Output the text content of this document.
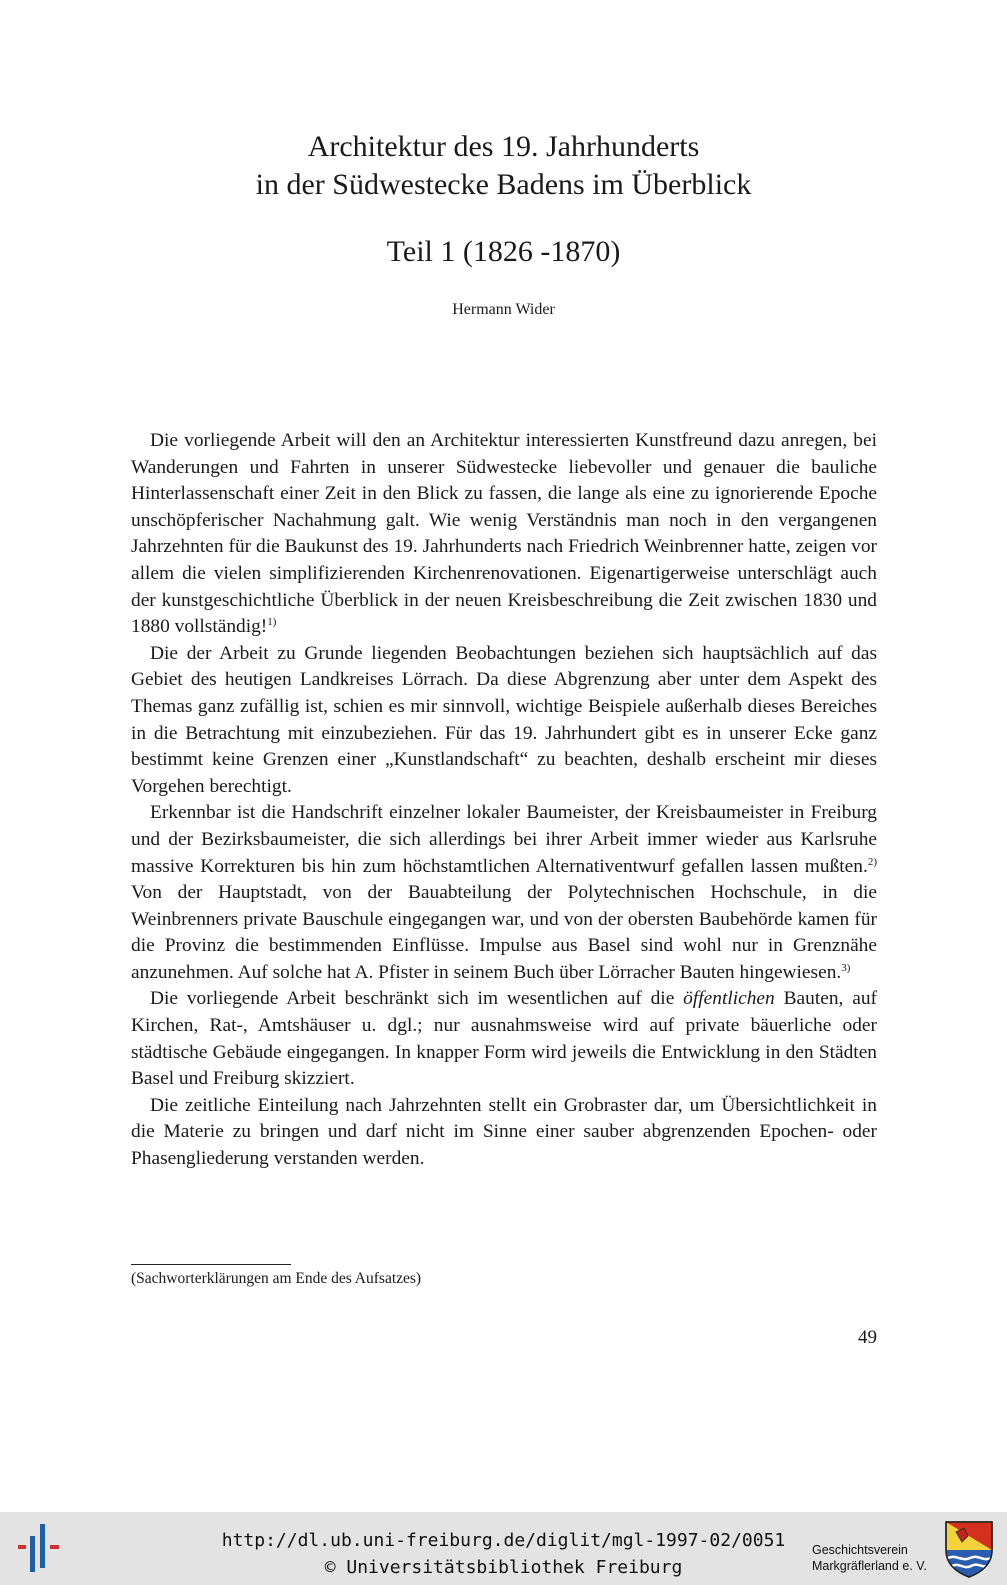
Architektur des 19. Jahrhunderts
in der Südwestecke Badens im Überblick
Teil 1 (1826 -1870)
Hermann Wider

Die vorliegende Arbeit will den an Architektur interessierten Kunstfreund dazu anregen, bei Wanderungen und Fahrten in unserer Südwestecke liebevoller und genauer die bauliche Hinterlassenschaft einer Zeit in den Blick zu fassen, die lange als eine zu ignorierende Epoche unschöpferischer Nachahmung galt. Wie wenig Verständnis man noch in den vergangenen Jahrzehnten für die Baukunst des 19. Jahrhunderts nach Friedrich Weinbrenner hatte, zeigen vor allem die vielen simplifizierenden Kirchenrenovationen. Eigenartigerweise unterschlägt auch der kunstgeschichtliche Überblick in der neuen Kreisbeschreibung die Zeit zwischen 1830 und 1880 vollständig!$^{1)}$

Die der Arbeit zu Grunde liegenden Beobachtungen beziehen sich hauptsächlich auf das Gebiet des heutigen Landkreises Lörrach. Da diese Abgrenzung aber unter dem Aspekt des Themas ganz zufällig ist, schien es mir sinnvoll, wichtige Beispiele außerhalb dieses Bereiches in die Betrachtung mit einzubeziehen. Für das 19. Jahrhundert gibt es in unserer Ecke ganz bestimmt keine Grenzen einer „Kunstlandschaft“ zu beachten, deshalb erscheint mir dieses Vorgehen berechtigt.

Erkennbar ist die Handschrift einzelner lokaler Baumeister, der Kreisbaumeister in Freiburg und der Bezirksbaumeister, die sich allerdings bei ihrer Arbeit immer wieder aus Karlsruhe massive Korrekturen bis hin zum höchstamtlichen Alternativentwurf gefallen lassen mußten.$^{2)}$ Von der Hauptstadt, von der Bauabteilung der Polytechnischen Hochschule, in die Weinbrenners private Bauschule eingegangen war, und von der obersten Baubehörde kamen für die Provinz die bestimmenden Einflüsse. Impulse aus Basel sind wohl nur in Grenznähe anzunehmen. Auf solche hat A. Pfister in seinem Buch über Lörracher Bauten hingewiesen.$^{3)}$

Die vorliegende Arbeit beschränkt sich im wesentlichen auf die öffentlichen Bauten, auf Kirchen, Rat-, Amtshäuser u. dgl.; nur ausnahmsweise wird auf private bäuerliche oder städtische Gebäude eingegangen. In knapper Form wird jeweils die Entwicklung in den Städten Basel und Freiburg skizziert.

Die zeitliche Einteilung nach Jahrzehnten stellt ein Grobraster dar, um Übersichtlichkeit in die Materie zu bringen und darf nicht im Sinne einer sauber abgrenzenden Epochen- oder Phasengliederung verstanden werden.

(Sachworterklärungen am Ende des Aufsatzes)
49
http://dl.ub.uni-freiburg.de/diglit/mgl-1997-02/0051
© Universitätsbibliothek Freiburg
Geschichtsverein
Markgräflerland e. V.
